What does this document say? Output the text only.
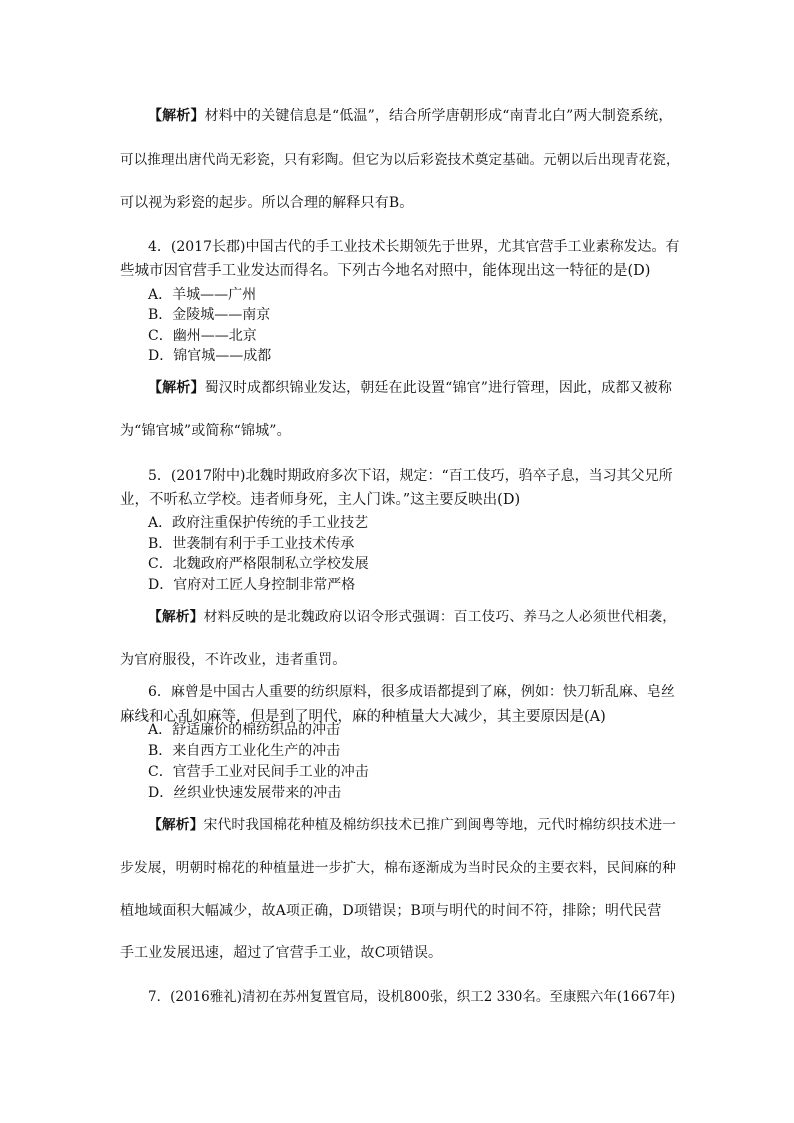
【解析】材料中的关键信息是“低温”，结合所学唐朝形成“南青北白”两大制瓷系统，
可以推理出唐代尚无彩瓷，只有彩陶。但它为以后彩瓷技术奠定基础。元朝以后出现青花瓷，
可以视为彩瓷的起步。所以合理的解释只有B。
4．(2017长郡)中国古代的手工业技术长期领先于世界，尤其官营手工业素称发达。有
些城市因官营手工业发达而得名。下列古今地名对照中，能体现出这一特征的是(D)
A．羊城——广州
B．金陵城——南京
C．幽州——北京
D．锦官城——成都
【解析】蜀汉时成都织锦业发达，朝廷在此设置“锦官”进行管理，因此，成都又被称
为“锦官城”或简称“锦城”。
5．(2017附中)北魏时期政府多次下诏，规定：“百工伎巧，驺卒子息，当习其父兄所
业，不听私立学校。违者师身死，主人门诛。”这主要反映出(D)
A．政府注重保护传统的手工业技艺
B．世袭制有利于手工业技术传承
C．北魏政府严格限制私立学校发展
D．官府对工匠人身控制非常严格
【解析】材料反映的是北魏政府以诏令形式强调：百工伎巧、养马之人必须世代相袭，
为官府服役，不许改业，违者重罚。
6．麻曾是中国古人重要的纺织原料，很多成语都提到了麻，例如：快刀斩乱麻、皂丝
麻线和心乱如麻等，但是到了明代，麻的种植量大大减少，其主要原因是(A)
A．舒适廉价的棉纺织品的冲击
B．来自西方工业化生产的冲击
C．官营手工业对民间手工业的冲击
D．丝织业快速发展带来的冲击
【解析】宋代时我国棉花种植及棉纺织技术已推广到闽粤等地，元代时棉纺织技术进一
步发展，明朝时棉花的种植量进一步扩大，棉布逐渐成为当时民众的主要衣料，民间麻的种
植地域面积大幅减少，故A项正确，D项错误；B项与明代的时间不符，排除；明代民营
手工业发展迅速，超过了官营手工业，故C项错误。
7．(2016雅礼)清初在苏州复置官局，设机800张，织工2 330名。至康熙六年(1667年)
